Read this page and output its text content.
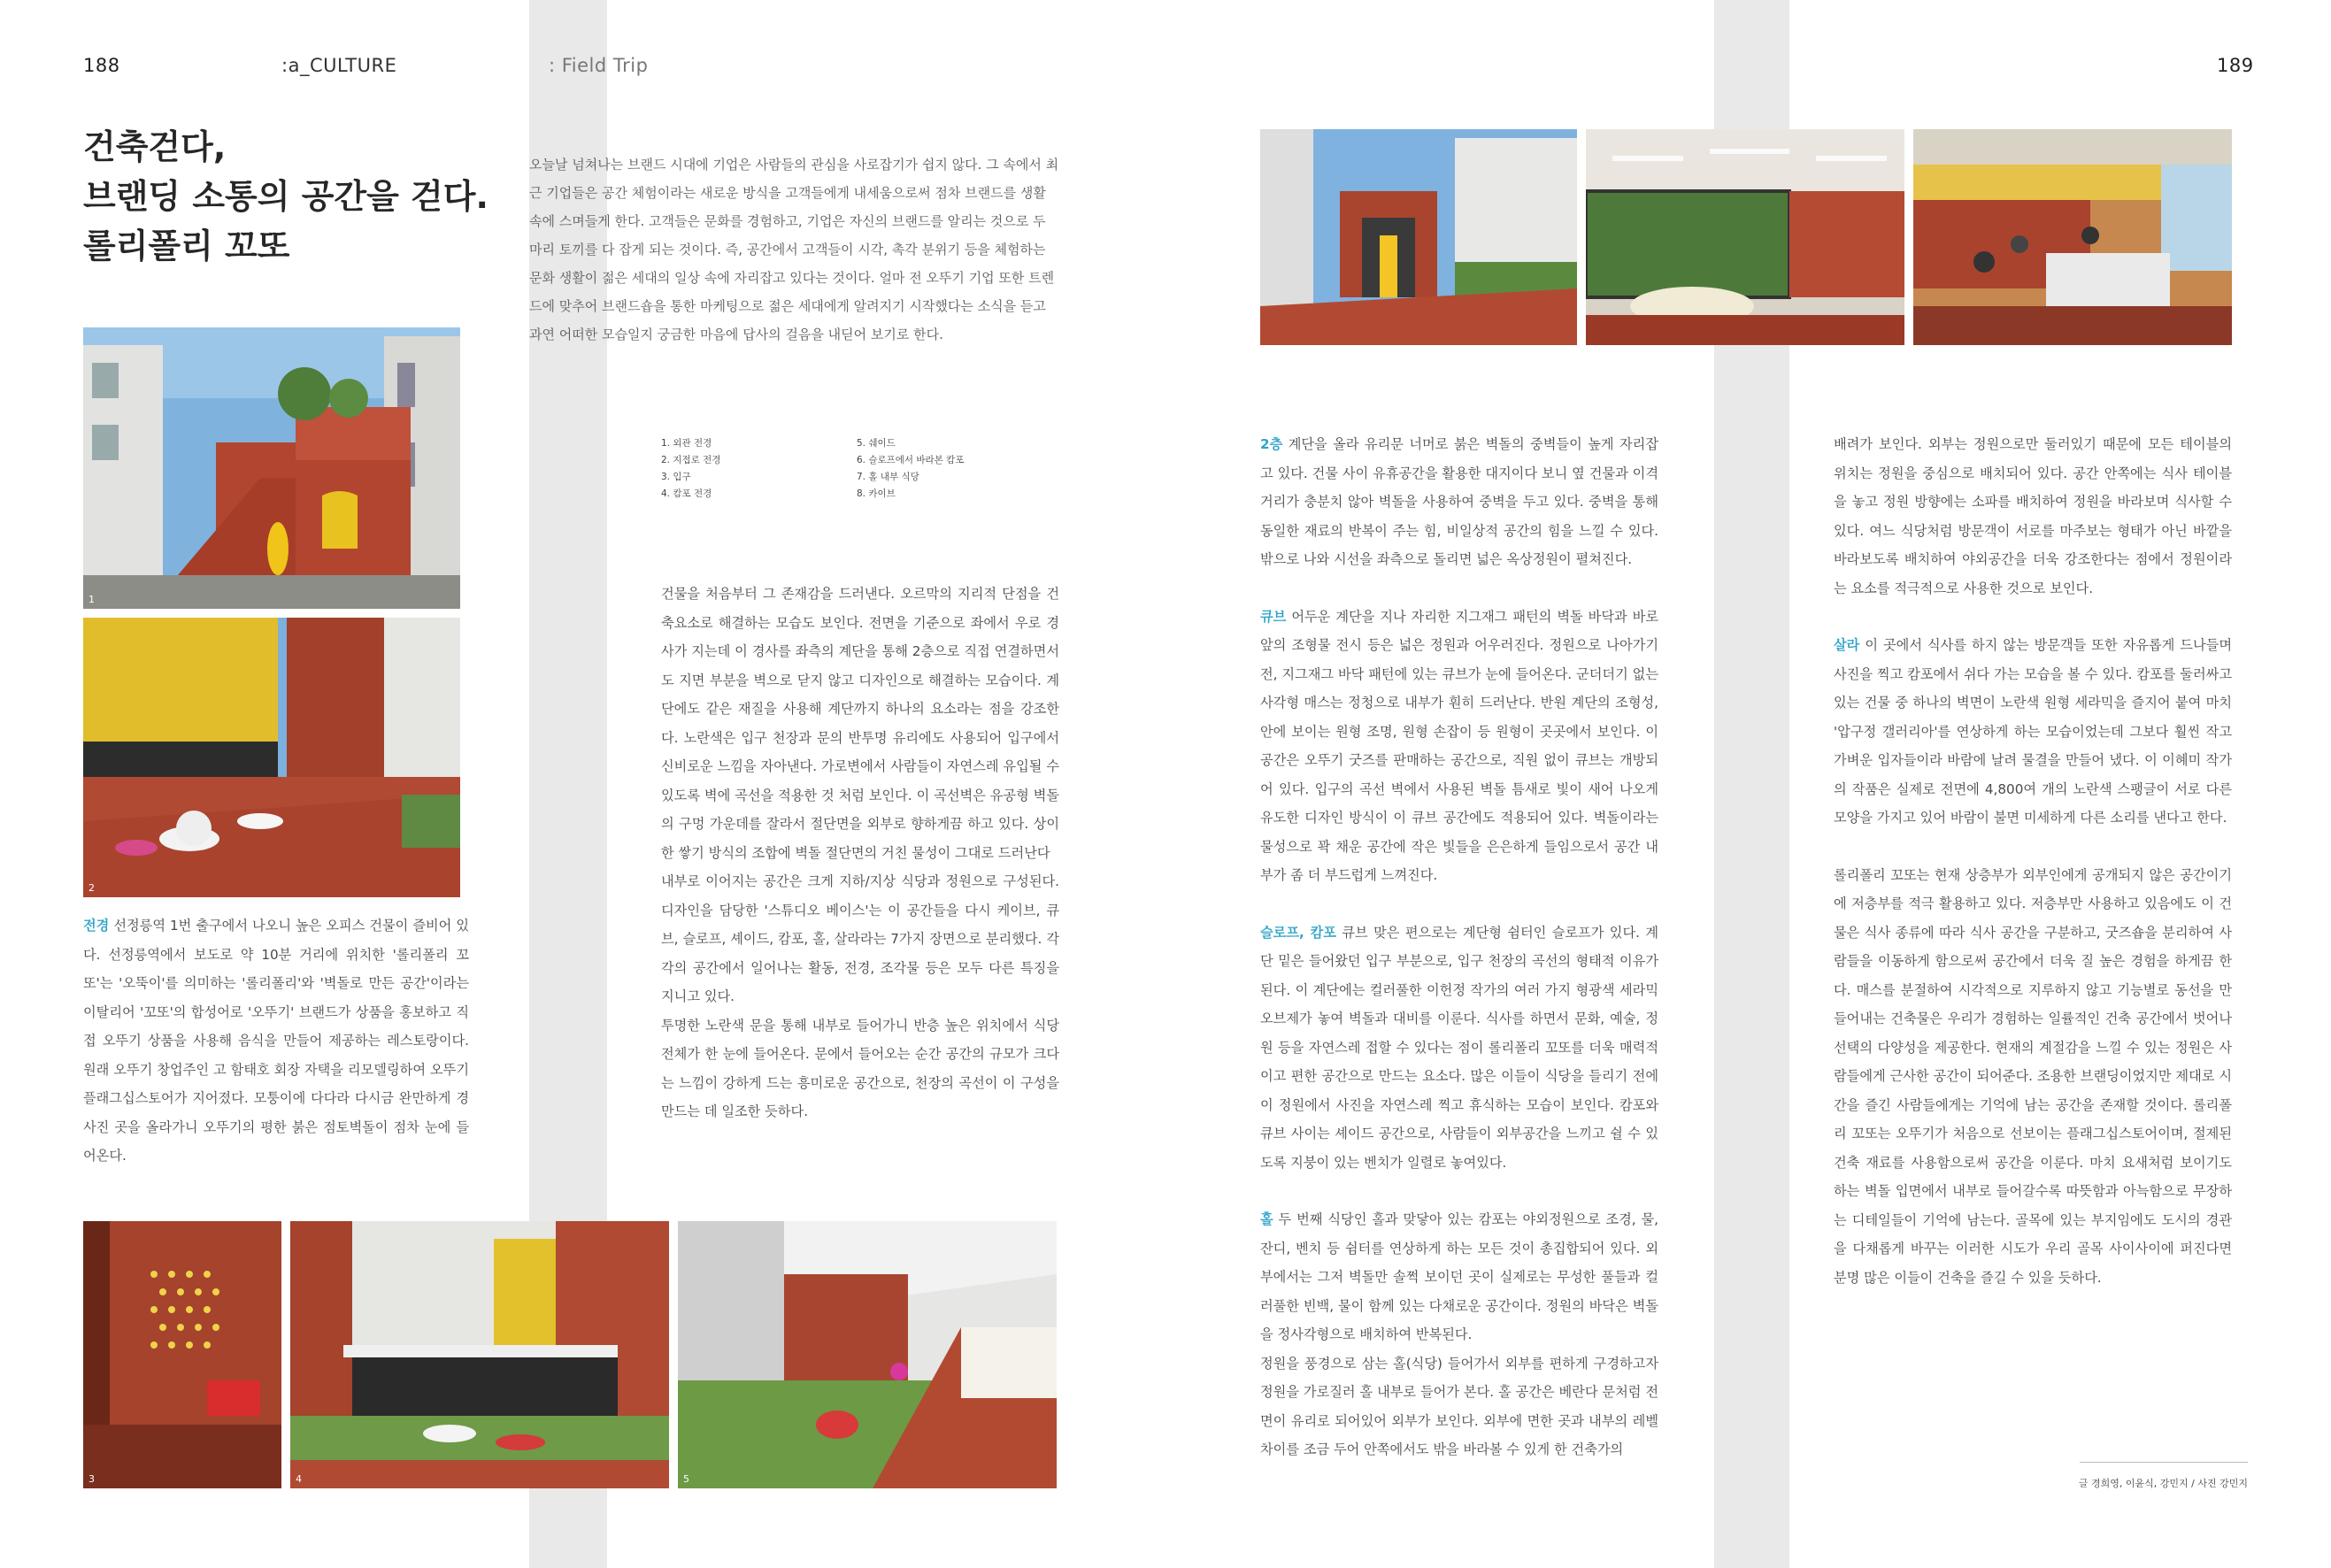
188	:a_CULTURE	: Field Trip	189
건축걷다,
브랜딩 소통의 공간을 걷다.
롤리폴리 꼬또
오늘날 넘쳐나는 브랜드 시대에 기업은 사람들의 관심을 사로잡기가 쉽지 않다. 그 속에서 최근 기업들은 공간 체험이라는 새로운 방식을 고객들에게 내세움으로써 점차 브랜드를 생활 속에 스며들게 한다. 고객들은 문화를 경험하고, 기업은 자신의 브랜드를 알리는 것으로 두 마리 토끼를 다 잡게 되는 것이다. 즉, 공간에서 고객들이 시각, 촉각 분위기 등을 체험하는 문화 생활이 젊은 세대의 일상 속에 자리잡고 있다는 것이다. 얼마 전 오뚜기 기업 또한 트렌드에 맞추어 브랜드숍을 통한 마케팅으로 젊은 세대에게 알려지기 시작했다는 소식을 듣고 과연 어떠한 모습일지 궁금한 마음에 답사의 걸음을 내딛어 보기로 한다.
1
2

전경 선정릉역 1번 출구에서 나오니 높은 오피스 건물이 즐비어 있다. 선정릉역에서 보도로 약 10분 거리에 위치한 '롤리폴리 꼬또'는 '오뚝이'를 의미하는 '롤리폴리'와 '벽돌로 만든 공간'이라는 이탈리어 '꼬또'의 합성어로 '오뚜기' 브랜드가 상품을 홍보하고 직접 오뚜기 상품을 사용해 음식을 만들어 제공하는 레스토랑이다. 원래 오뚜기 창업주인 고 함태호 회장 자택을 리모델링하여 오뚜기 플래그십스토어가 지어졌다. 모퉁이에 다다라 다시금 완만하게 경사진 곳을 올라가니 오뚜기의 평한 붉은 점토벽돌이 점차 눈에 들어온다.

1. 외관 전경
2. 지접로 전경
3. 입구
4. 캄포 전경
5. 쉐이드
6. 슬로프에서 바라본 캄포
7. 홀 내부 식당
8. 카이브

건물을 처음부터 그 존재감을 드러낸다. 오르막의 지리적 단점을 건축요소로 해결하는 모습도 보인다. 전면을 기준으로 좌에서 우로 경사가 지는데 이 경사를 좌측의 계단을 통해 2층으로 직접 연결하면서도 지면 부분을 벽으로 닫지 않고 디자인으로 해결하는 모습이다. 계단에도 같은 재질을 사용해 계단까지 하나의 요소라는 점을 강조한다. 노란색은 입구 천장과 문의 반투명 유리에도 사용되어 입구에서 신비로운 느낌을 자아낸다. 가로변에서 사람들이 자연스레 유입될 수 있도록 벽에 곡선을 적용한 것 처럼 보인다. 이 곡선벽은 유공형 벽돌의 구멍 가운데를 잘라서 절단면을 외부로 향하게끔 하고 있다. 상이한 쌓기 방식의 조합에 벽돌 절단면의 거친 물성이 그대로 드러난다

내부로 이어지는 공간은 크게 지하/지상 식당과 정원으로 구성된다. 디자인을 담당한 '스튜디오 베이스'는 이 공간들을 다시 케이브, 큐브, 슬로프, 셰이드, 캄포, 홀, 살라라는 7가지 장면으로 분리했다. 각각의 공간에서 일어나는 활동, 전경, 조각물 등은 모두 다른 특징을 지니고 있다.

투명한 노란색 문을 통해 내부로 들어가니 반층 높은 위치에서 식당 전체가 한 눈에 들어온다. 문에서 들어오는 순간 공간의 규모가 크다는 느낌이 강하게 드는 흥미로운 공간으로, 천장의 곡선이 이 구성을 만드는 데 일조한 듯하다.

3	4	5

2층 계단을 올라 유리문 너머로 붉은 벽돌의 중벽들이 높게 자리잡고 있다. 건물 사이 유휴공간을 활용한 대지이다 보니 옆 건물과 이격 거리가 충분치 않아 벽돌을 사용하여 중벽을 두고 있다. 중벽을 통해 동일한 재료의 반복이 주는 힘, 비일상적 공간의 힘을 느낄 수 있다. 밖으로 나와 시선을 좌측으로 돌리면 넓은 옥상정원이 펼쳐진다.

큐브 어두운 계단을 지나 자리한 지그재그 패턴의 벽돌 바닥과 바로 앞의 조형물 전시 등은 넓은 정원과 어우러진다. 정원으로 나아가기 전, 지그재그 바닥 패턴에 있는 큐브가 눈에 들어온다. 군더더기 없는 사각형 매스는 정청으로 내부가 훤히 드러난다. 반원 계단의 조형성, 안에 보이는 원형 조명, 원형 손잡이 등 원형이 곳곳에서 보인다. 이 공간은 오뚜기 굿즈를 판매하는 공간으로, 직원 없이 큐브는 개방되어 있다. 입구의 곡선 벽에서 사용된 벽돌 틈새로 빛이 새어 나오게 유도한 디자인 방식이 이 큐브 공간에도 적용되어 있다. 벽돌이라는 물성으로 꽉 채운 공간에 작은 빛들을 은은하게 들임으로서 공간 내부가 좀 더 부드럽게 느껴진다.

슬로프, 캄포 큐브 맞은 편으로는 계단형 쉼터인 슬로프가 있다. 계단 밑은 들어왔던 입구 부분으로, 입구 천장의 곡선의 형태적 이유가 된다. 이 계단에는 컬러풀한 이헌정 작가의 여러 가지 형광색 세라믹 오브제가 놓여 벽돌과 대비를 이룬다. 식사를 하면서 문화, 예술, 정원 등을 자연스레 접할 수 있다는 점이 롤리폴리 꼬또를 더욱 매력적이고 편한 공간으로 만드는 요소다. 많은 이들이 식당을 들리기 전에 이 정원에서 사진을 자연스레 찍고 휴식하는 모습이 보인다. 캄포와 큐브 사이는 셰이드 공간으로, 사람들이 외부공간을 느끼고 쉴 수 있도록 지붕이 있는 벤치가 일렬로 놓여있다.

홀 두 번째 식당인 홀과 맞닿아 있는 캄포는 야외정원으로 조경, 물, 잔디, 벤치 등 쉼터를 연상하게 하는 모든 것이 총집합되어 있다. 외부에서는 그저 벽돌만 솔쩍 보이던 곳이 실제로는 무성한 풀들과 컬러풀한 빈백, 물이 함께 있는 다채로운 공간이다. 정원의 바닥은 벽돌을 정사각형으로 배치하여 반복된다.

정원을 풍경으로 삼는 홀(식당) 들어가서 외부를 편하게 구경하고자 정원을 가로질러 홀 내부로 들어가 본다. 홀 공간은 베란다 문처럼 전면이 유리로 되어있어 외부가 보인다. 외부에 면한 곳과 내부의 레벨 차이를 조금 두어 안쪽에서도 밖을 바라볼 수 있게 한 건축가의

배려가 보인다. 외부는 정원으로만 둘러있기 때문에 모든 테이블의 위치는 정원을 중심으로 배치되어 있다. 공간 안쪽에는 식사 테이블을 놓고 정원 방향에는 소파를 배치하여 정원을 바라보며 식사할 수 있다. 여느 식당처럼 방문객이 서로를 마주보는 형태가 아닌 바깥을 바라보도록 배치하여 야외공간을 더욱 강조한다는 점에서 정원이라는 요소를 적극적으로 사용한 것으로 보인다.

살라 이 곳에서 식사를 하지 않는 방문객들 또한 자유롭게 드나들며 사진을 찍고 캄포에서 쉬다 가는 모습을 볼 수 있다. 캄포를 둘러싸고 있는 건물 중 하나의 벽면이 노란색 원형 세라믹을 즐지어 붙여 마치 '압구정 갤러리아'를 연상하게 하는 모습이었는데 그보다 훨씬 작고 가벼운 입자들이라 바람에 날려 물결을 만들어 냈다. 이 이혜미 작가의 작품은 실제로 전면에 4,800여 개의 노란색 스팽글이 서로 다른 모양을 가지고 있어 바람이 불면 미세하게 다른 소리를 낸다고 한다.

롤리폴리 꼬또는 현재 상층부가 외부인에게 공개되지 않은 공간이기에 저층부를 적극 활용하고 있다. 저층부만 사용하고 있음에도 이 건물은 식사 종류에 따라 식사 공간을 구분하고, 굿즈숍을 분리하여 사람들을 이동하게 함으로써 공간에서 더욱 질 높은 경험을 하게끔 한다. 매스를 분절하여 시각적으로 지루하지 않고 기능별로 동선을 만들어내는 건축물은 우리가 경험하는 일률적인 건축 공간에서 벗어나 선택의 다양성을 제공한다. 현재의 계절감을 느낄 수 있는 정원은 사람들에게 근사한 공간이 되어준다. 조용한 브랜딩이었지만 제대로 시간을 즐긴 사람들에게는 기억에 남는 공간을 존재할 것이다. 롤리폴리 꼬또는 오뚜기가 처음으로 선보이는 플래그십스토어이며, 절제된 건축 재료를 사용함으로써 공간을 이룬다. 마치 요새처럼 보이기도 하는 벽돌 입면에서 내부로 들어갈수록 따뜻함과 아늑함으로 무장하는 디테일들이 기억에 남는다. 골목에 있는 부지임에도 도시의 경관을 다채롭게 바꾸는 이러한 시도가 우리 골목 사이사이에 퍼진다면 분명 많은 이들이 건축을 즐길 수 있을 듯하다.

글 경희영, 이윤식, 강민지 / 사진 강민지
